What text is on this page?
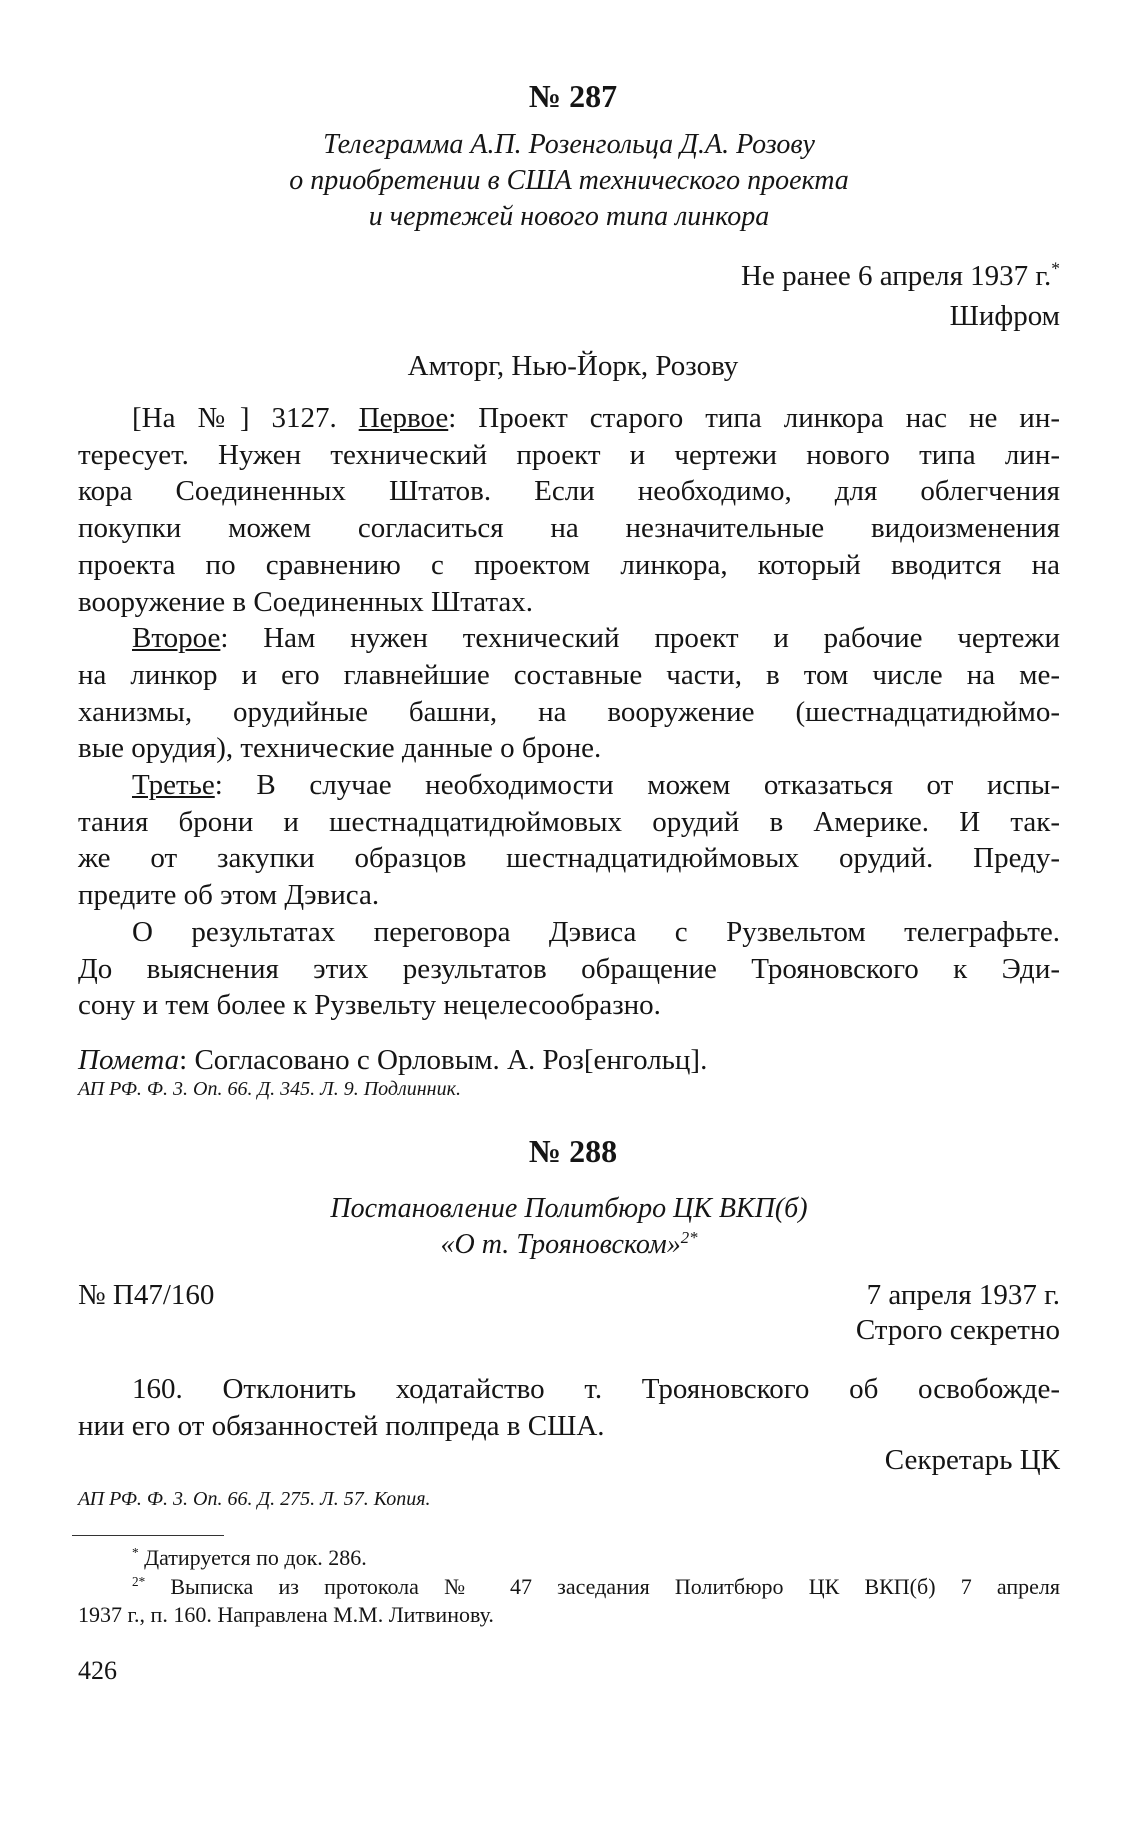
№ 287
Телеграмма А.П. Розенгольца Д.А. Розову
о приобретении в США технического проекта
и чертежей нового типа линкора
Не ранее 6 апреля 1937 г.*
Шифром
Амторг, Нью-Йорк, Розову
[На №] 3127. Первое: Проект старого типа линкора нас не ин-
тересует. Нужен технический проект и чертежи нового типа лин-
кора Соединенных Штатов. Если необходимо, для облегчения
покупки можем согласиться на незначительные видоизменения
проекта по сравнению с проектом линкора, который вводится на
вооружение в Соединенных Штатах.
Второе: Нам нужен технический проект и рабочие чертежи
на линкор и его главнейшие составные части, в том числе на ме-
ханизмы, орудийные башни, на вооружение (шестнадцатидюймо-
вые орудия), технические данные о броне.
Третье: В случае необходимости можем отказаться от испы-
тания брони и шестнадцатидюймовых орудий в Америке. И так-
же от закупки образцов шестнадцатидюймовых орудий. Преду-
предите об этом Дэвиса.
О результатах переговора Дэвиса с Рузвельтом телеграфьте.
До выяснения этих результатов обращение Трояновского к Эди-
сону и тем более к Рузвельту нецелесообразно.
Помета: Согласовано с Орловым. А. Роз[енгольц].
АП РФ. Ф. 3. Оп. 66. Д. 345. Л. 9. Подлинник.
№ 288
Постановление Политбюро ЦК ВКП(б)
«О т. Трояновском»$^{2*}$
№ П47/160	7 апреля 1937 г.
Строго секретно
160. Отклонить ходатайство т. Трояновского об освобожде-
нии его от обязанностей полпреда в США.
Секретарь ЦК
АП РФ. Ф. 3. Оп. 66. Д. 275. Л. 57. Копия.
* Датируется по док. 286.
$^{2*}$ Выписка из протокола № 47 заседания Политбюро ЦК ВКП(б) 7 апреля
1937 г., п. 160. Направлена М.М. Литвинову.
426
